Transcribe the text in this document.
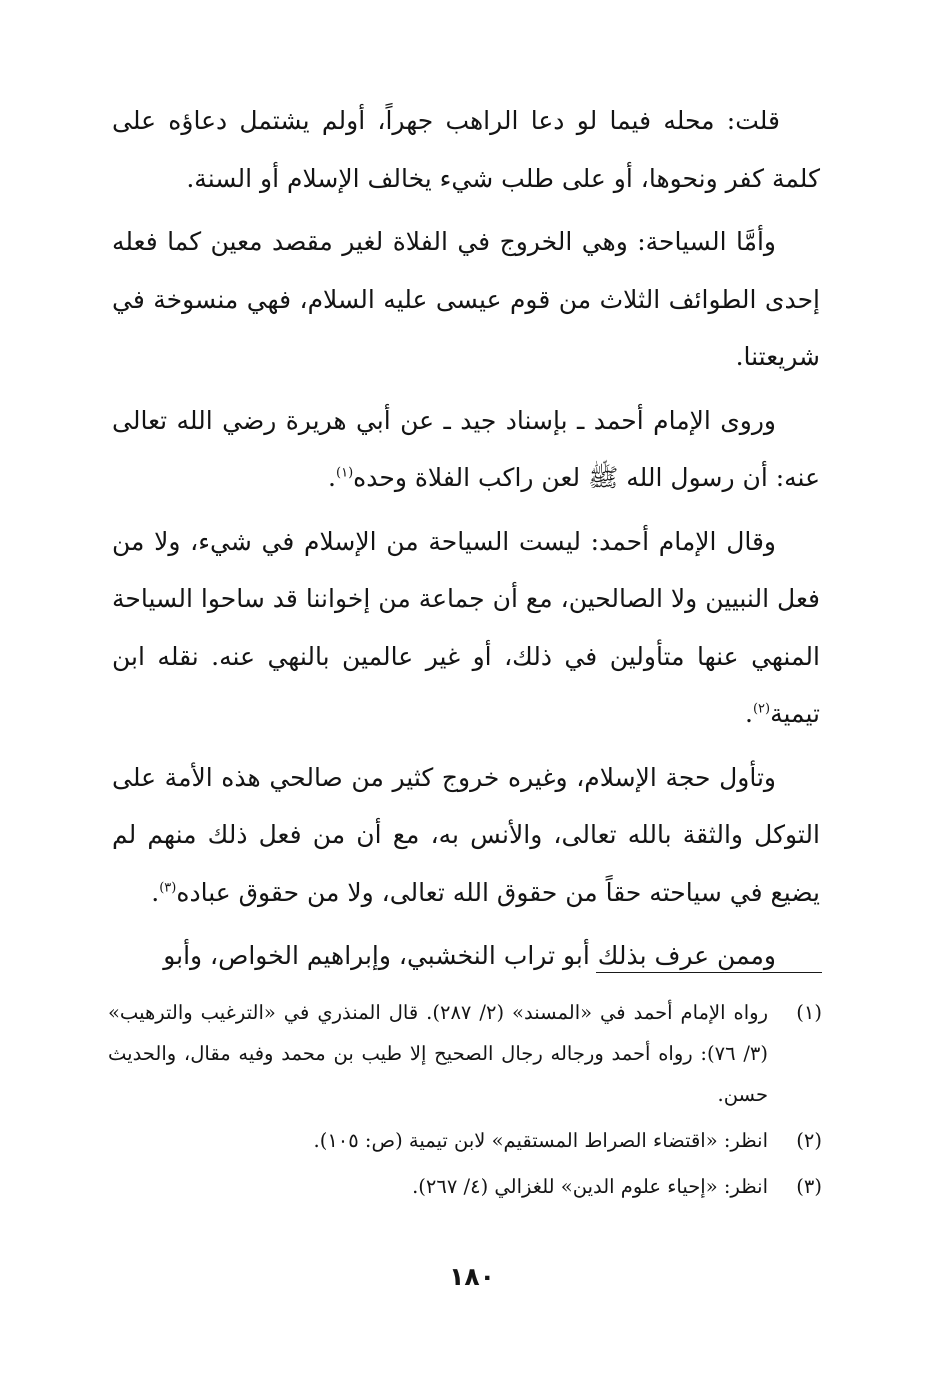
قلت: محله فيما لو دعا الراهب جهراً، أولم يشتمل دعاؤه على كلمة كفر ونحوها، أو على طلب شيء يخالف الإسلام أو السنة.

وأمَّا السياحة: وهي الخروج في الفلاة لغير مقصد معين كما فعله إحدى الطوائف الثلاث من قوم عيسى عليه السلام، فهي منسوخة في شريعتنا.

وروى الإمام أحمد ـ بإسناد جيد ـ عن أبي هريرة رضي الله تعالى عنه: أن رسول الله ﷺ لعن راكب الفلاة وحده$^{(١)}$.

وقال الإمام أحمد: ليست السياحة من الإسلام في شيء، ولا من فعل النبيين ولا الصالحين، مع أن جماعة من إخواننا قد ساحوا السياحة المنهي عنها متأولين في ذلك، أو غير عالمين بالنهي عنه. نقله ابن تيمية$^{(٢)}$.

وتأول حجة الإسلام، وغيره خروج كثير من صالحي هذه الأمة على التوكل والثقة بالله تعالى، والأنس به، مع أن من فعل ذلك منهم لم يضيع في سياحته حقاً من حقوق الله تعالى، ولا من حقوق عباده$^{(٣)}$.

وممن عرف بذلك أبو تراب النخشبي، وإبراهيم الخواص، وأبو

(١)
رواه الإمام أحمد في «المسند» (٢/ ٢٨٧). قال المنذري في «الترغيب والترهيب» (٣/ ٧٦): رواه أحمد ورجاله رجال الصحيح إلا طيب بن محمد وفيه مقال، والحديث حسن.
(٢)
انظر: «اقتضاء الصراط المستقيم» لابن تيمية (ص: ١٠٥).
(٣)
انظر: «إحياء علوم الدين» للغزالي (٤/ ٢٦٧).
١٨٠
